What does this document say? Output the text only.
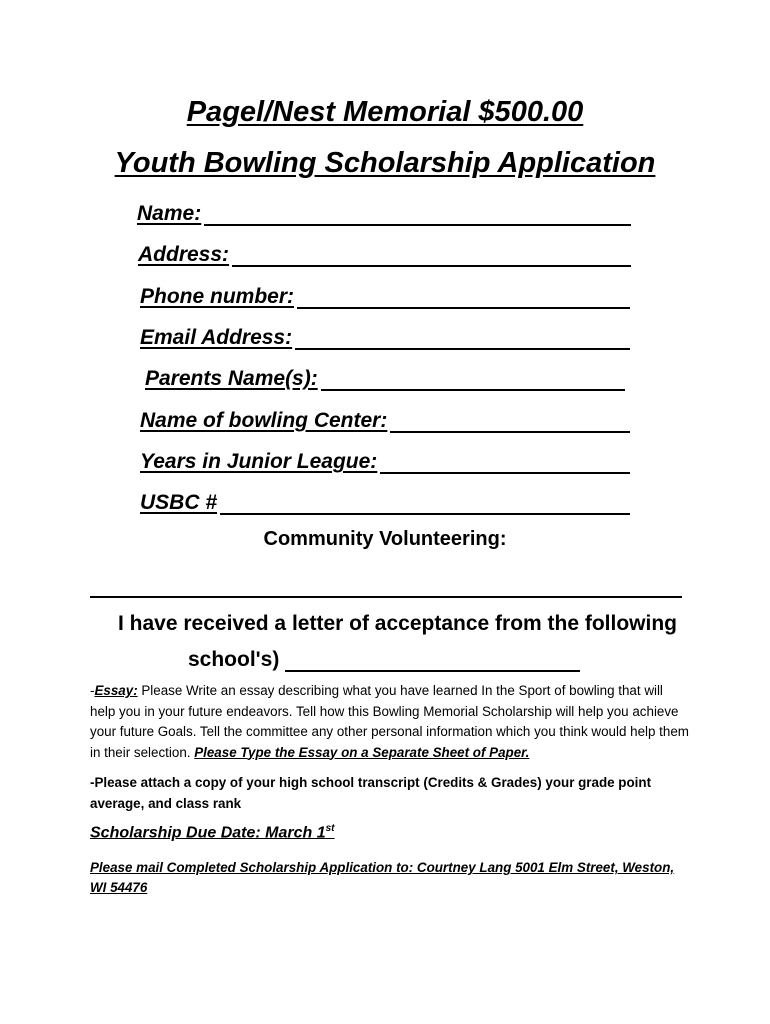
Pagel/Nest Memorial $500.00
Youth Bowling Scholarship Application
Name:
Address:
Phone number:
Email Address:
Parents Name(s):
Name of bowling Center:
Years in Junior League:
USBC #
Community Volunteering:
I have received a letter of acceptance from the following
school's)
-Essay: Please Write an essay describing what you have learned In the Sport of bowling that will help you in your future endeavors. Tell how this Bowling Memorial Scholarship will help you achieve your future Goals. Tell the committee any other personal information which you think would help them in their selection. Please Type the Essay on a Separate Sheet of Paper.
-Please attach a copy of your high school transcript (Credits & Grades) your grade point average, and class rank
Scholarship Due Date: March 1st
Please mail Completed Scholarship Application to: Courtney Lang 5001 Elm Street, Weston, WI 54476
